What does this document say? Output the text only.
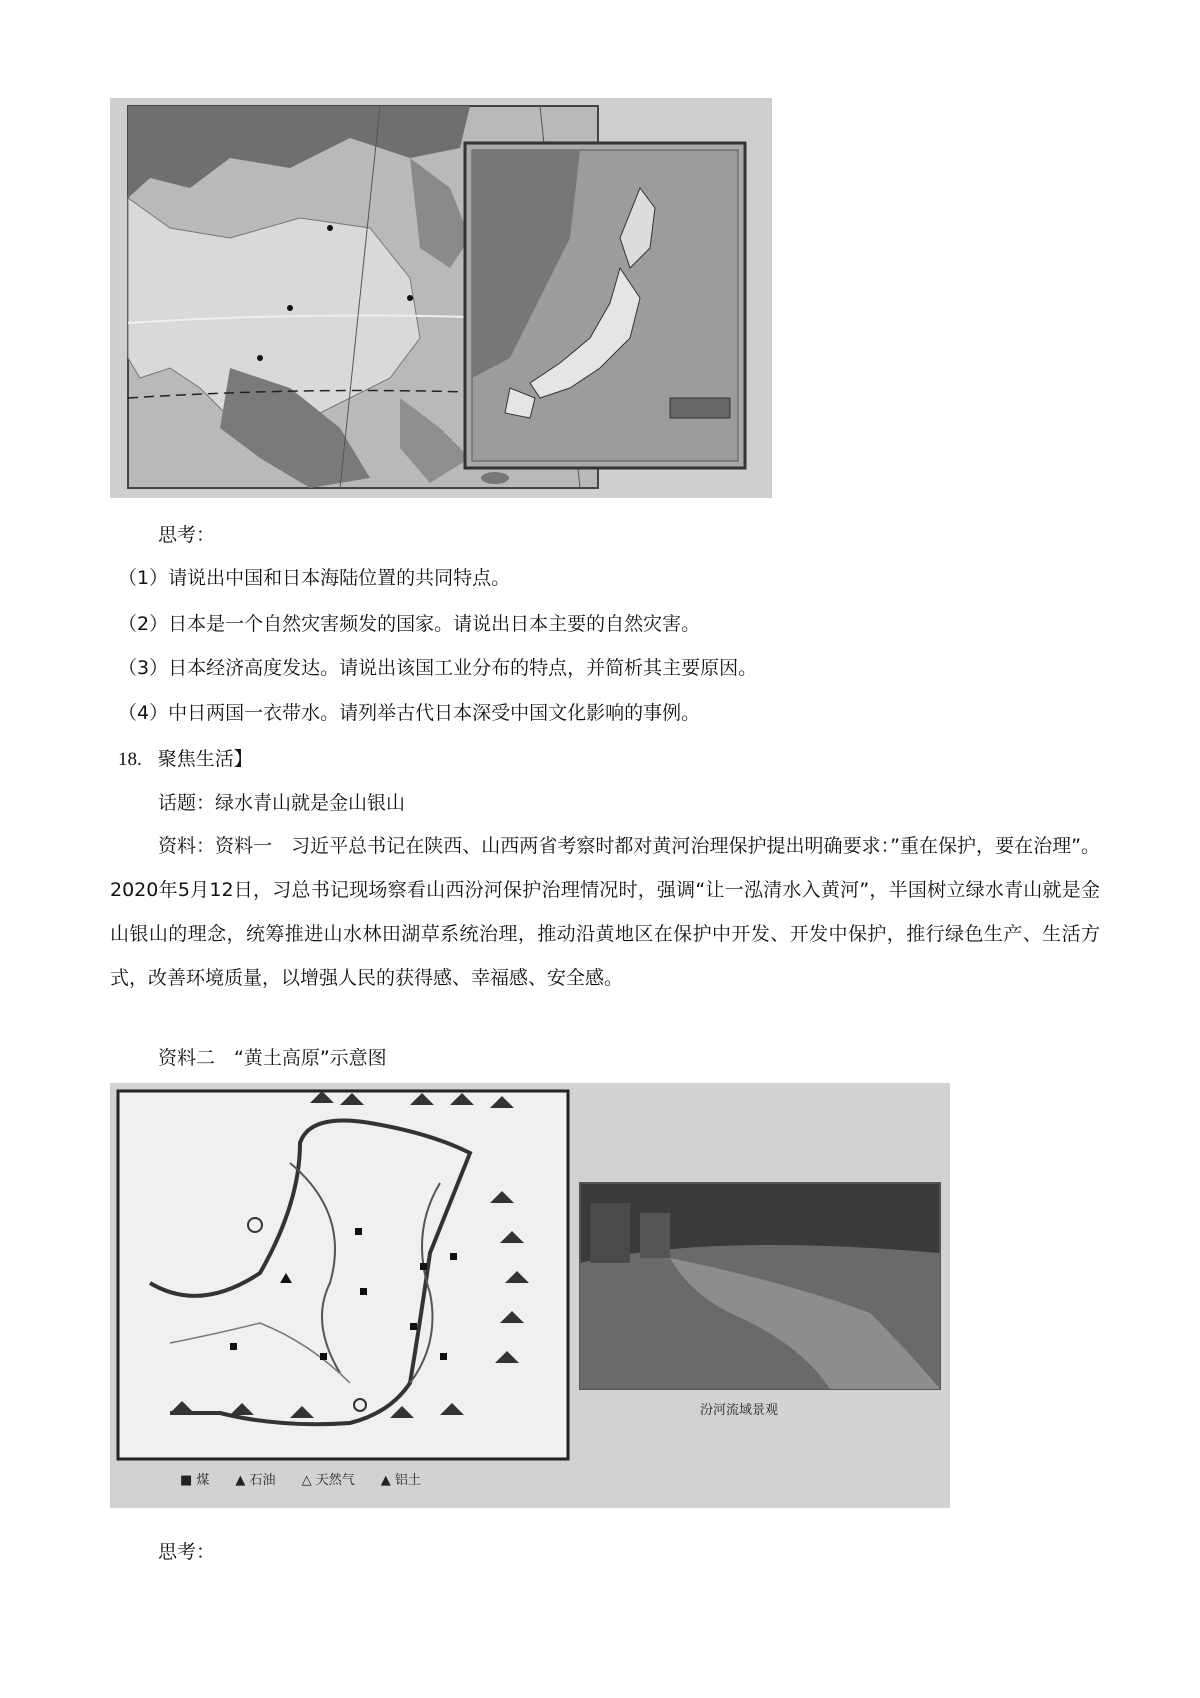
思考：
（1）请说出中国和日本海陆位置的共同特点。
（2）日本是一个自然灾害频发的国家。请说出日本主要的自然灾害。
（3）日本经济高度发达。请说出该国工业分布的特点，并简析其主要原因。
（4）中日两国一衣带水。请列举古代日本深受中国文化影响的事例。
18. 聚焦生活】
话题：绿水青山就是金山银山
资料：资料一　习近平总书记在陕西、山西两省考察时都对黄河治理保护提出明确要求：”重在保护，要在治理”。2020年5月12日，习总书记现场察看山西汾河保护治理情况时，强调“让一泓清水入黄河”，半国树立绿水青山就是金山银山的理念，统筹推进山水林田湖草系统治理，推动沿黄地区在保护中开发、开发中保护，推行绿色生产、生活方式，改善环境质量，以增强人民的获得感、幸福感、安全感。
资料二　“黄土高原”示意图
汾河流域景观
■ 煤 ▲ 石油 △ 天然气 ▲ 铝土
思考：
